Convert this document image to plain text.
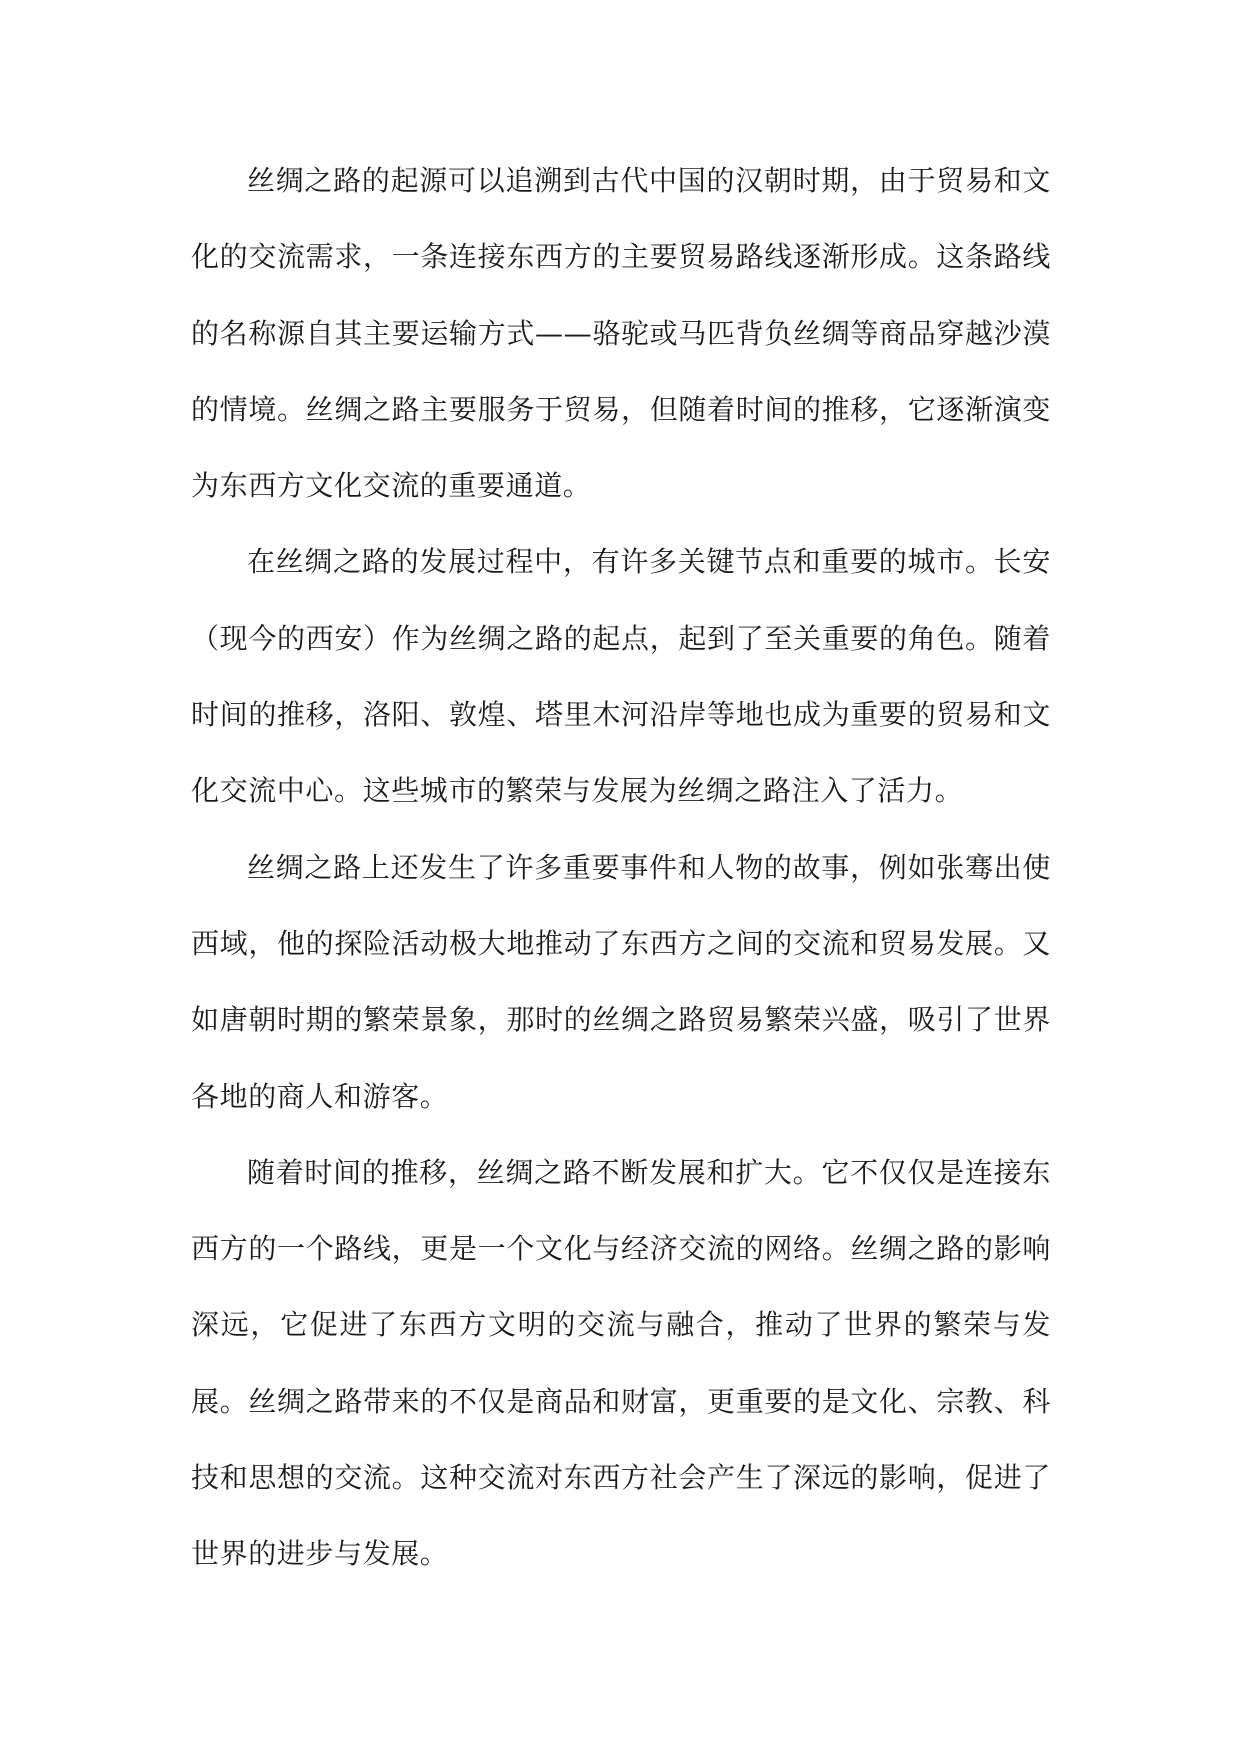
丝绸之路的起源可以追溯到古代中国的汉朝时期，由于贸易和文化的交流需求，一条连接东西方的主要贸易路线逐渐形成。这条路线的名称源自其主要运输方式——骆驼或马匹背负丝绸等商品穿越沙漠的情境。丝绸之路主要服务于贸易，但随着时间的推移，它逐渐演变为东西方文化交流的重要通道。

在丝绸之路的发展过程中，有许多关键节点和重要的城市。长安（现今的西安）作为丝绸之路的起点，起到了至关重要的角色。随着时间的推移，洛阳、敦煌、塔里木河沿岸等地也成为重要的贸易和文化交流中心。这些城市的繁荣与发展为丝绸之路注入了活力。

丝绸之路上还发生了许多重要事件和人物的故事，例如张骞出使西域，他的探险活动极大地推动了东西方之间的交流和贸易发展。又如唐朝时期的繁荣景象，那时的丝绸之路贸易繁荣兴盛，吸引了世界各地的商人和游客。

随着时间的推移，丝绸之路不断发展和扩大。它不仅仅是连接东西方的一个路线，更是一个文化与经济交流的网络。丝绸之路的影响深远，它促进了东西方文明的交流与融合，推动了世界的繁荣与发展。丝绸之路带来的不仅是商品和财富，更重要的是文化、宗教、科技和思想的交流。这种交流对东西方社会产生了深远的影响，促进了世界的进步与发展。
